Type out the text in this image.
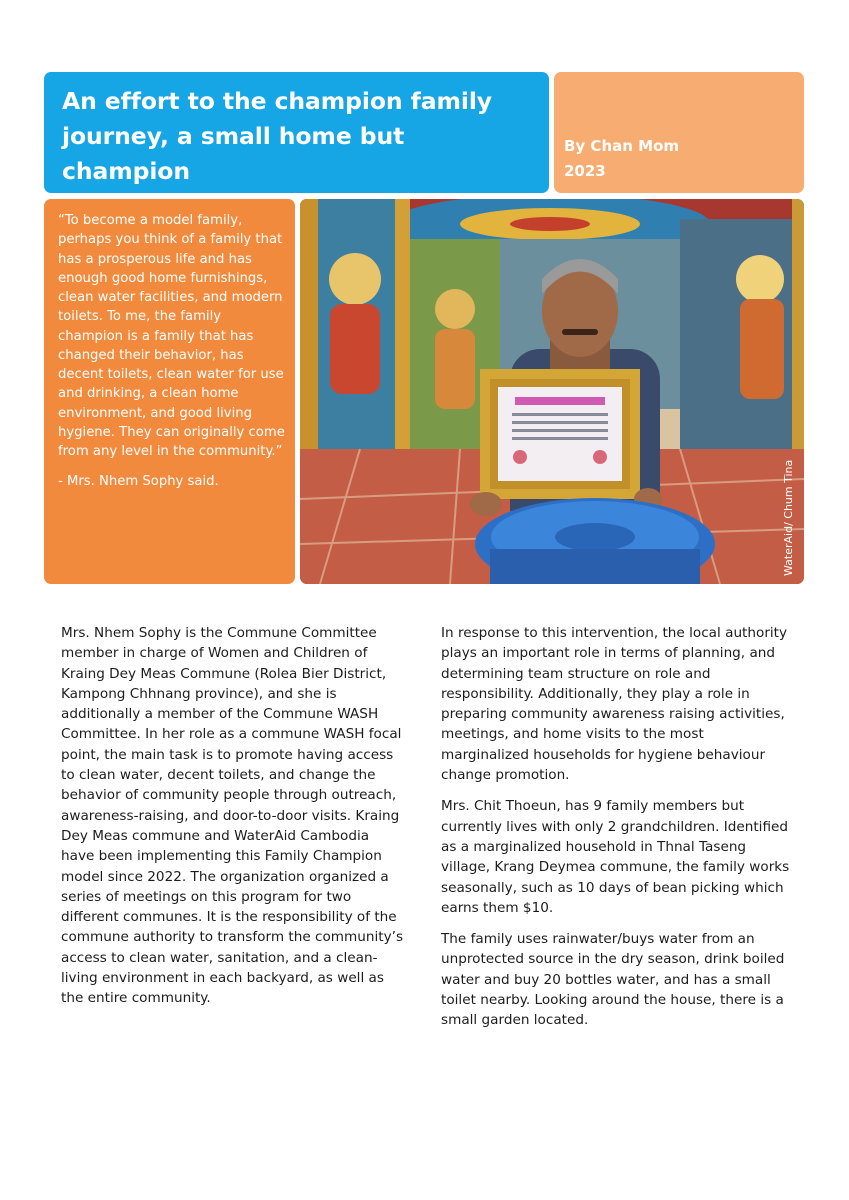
An effort to the champion family journey, a small home but champion
By Chan Mom
2023
“To become a model family, perhaps you think of a family that has a prosperous life and has enough good home furnishings, clean water facilities, and modern toilets. To me, the family champion is a family that has changed their behavior, has decent toilets, clean water for use and drinking, a clean home environment, and good living hygiene. They can originally come from any level in the community.”
- Mrs. Nhem Sophy said.	WaterAid/ Chum Tina

Mrs. Nhem Sophy is the Commune Committee member in charge of Women and Children of Kraing Dey Meas Commune (Rolea Bier District, Kampong Chhnang province), and she is additionally a member of the Commune WASH Committee. In her role as a commune WASH focal point, the main task is to promote having access to clean water, decent toilets, and change the behavior of community people through outreach, awareness-raising, and door-to-door visits. Kraing Dey Meas commune and WaterAid Cambodia have been implementing this Family Champion model since 2022. The organization organized a series of meetings on this program for two different communes. It is the responsibility of the commune authority to transform the community’s access to clean water, sanitation, and a clean-living environment in each backyard, as well as the entire community.

In response to this intervention, the local authority plays an important role in terms of planning, and determining team structure on role and responsibility. Additionally, they play a role in preparing community awareness raising activities, meetings, and home visits to the most marginalized households for hygiene behaviour change promotion.

Mrs. Chit Thoeun, has 9 family members but currently lives with only 2 grandchildren. Identified as a marginalized household in Thnal Taseng village, Krang Deymea commune, the family works seasonally, such as 10 days of bean picking which earns them $10.

The family uses rainwater/buys water from an unprotected source in the dry season, drink boiled water and buy 20 bottles water, and has a small toilet nearby. Looking around the house, there is a small garden located.
